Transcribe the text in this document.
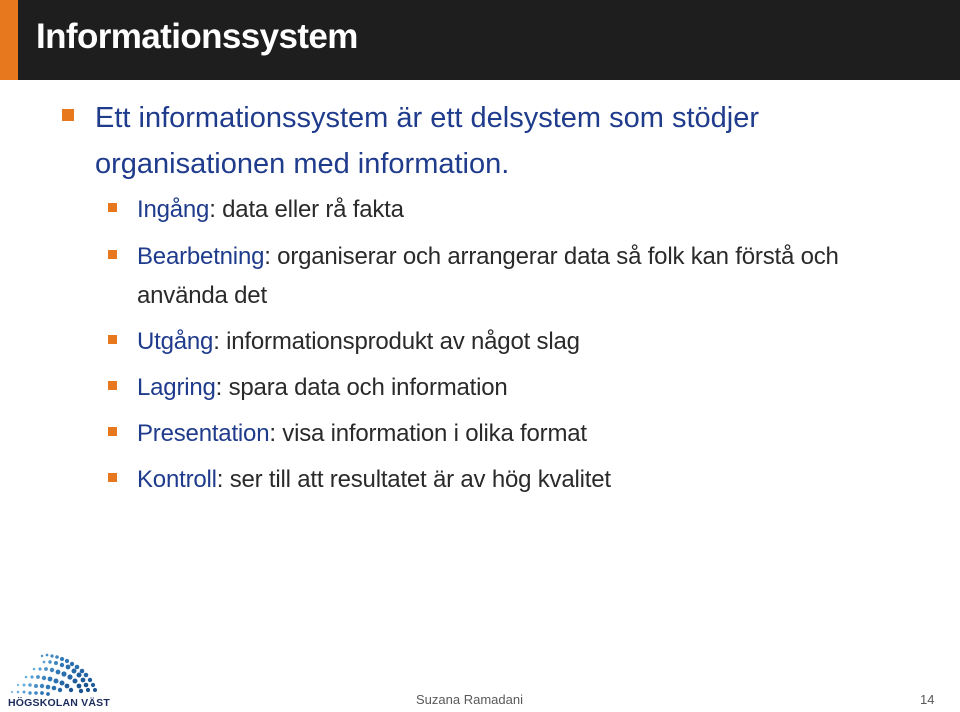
Informationssystem
Ett informationssystem är ett delsystem som stödjer organisationen med information.
Ingång: data eller rå fakta
Bearbetning: organiserar och arrangerar data så folk kan förstå och använda det
Utgång: informationsprodukt av något slag
Lagring: spara data och information
Presentation: visa information i olika format
Kontroll: ser till att resultatet är av hög kvalitet
HÖGSKOLAN VÄST	Suzana Ramadani	14
